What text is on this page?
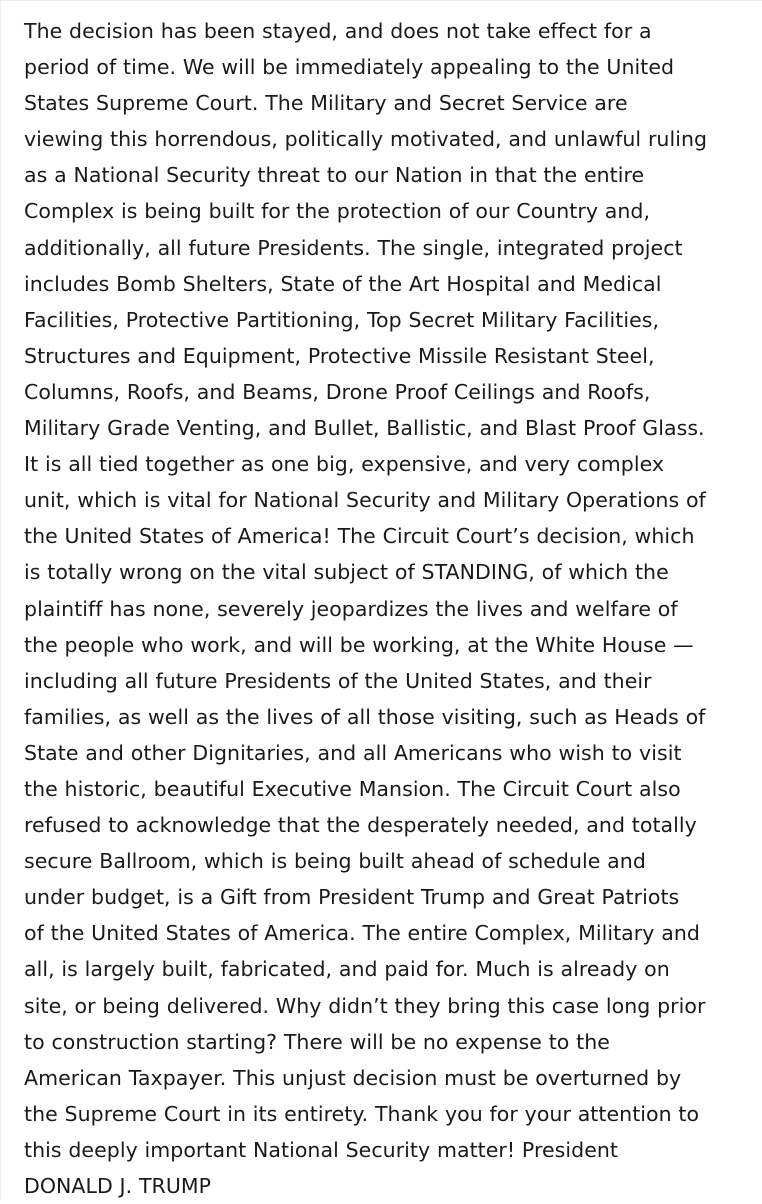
The decision has been stayed, and does not take effect for a
period of time. We will be immediately appealing to the United
States Supreme Court. The Military and Secret Service are
viewing this horrendous, politically motivated, and unlawful ruling
as a National Security threat to our Nation in that the entire
Complex is being built for the protection of our Country and,
additionally, all future Presidents. The single, integrated project
includes Bomb Shelters, State of the Art Hospital and Medical
Facilities, Protective Partitioning, Top Secret Military Facilities,
Structures and Equipment, Protective Missile Resistant Steel,
Columns, Roofs, and Beams, Drone Proof Ceilings and Roofs,
Military Grade Venting, and Bullet, Ballistic, and Blast Proof Glass.
It is all tied together as one big, expensive, and very complex
unit, which is vital for National Security and Military Operations of
the United States of America! The Circuit Court’s decision, which
is totally wrong on the vital subject of STANDING, of which the
plaintiff has none, severely jeopardizes the lives and welfare of
the people who work, and will be working, at the White House —
including all future Presidents of the United States, and their
families, as well as the lives of all those visiting, such as Heads of
State and other Dignitaries, and all Americans who wish to visit
the historic, beautiful Executive Mansion. The Circuit Court also
refused to acknowledge that the desperately needed, and totally
secure Ballroom, which is being built ahead of schedule and
under budget, is a Gift from President Trump and Great Patriots
of the United States of America. The entire Complex, Military and
all, is largely built, fabricated, and paid for. Much is already on
site, or being delivered. Why didn’t they bring this case long prior
to construction starting? There will be no expense to the
American Taxpayer. This unjust decision must be overturned by
the Supreme Court in its entirety. Thank you for your attention to
this deeply important National Security matter! President
DONALD J. TRUMP
